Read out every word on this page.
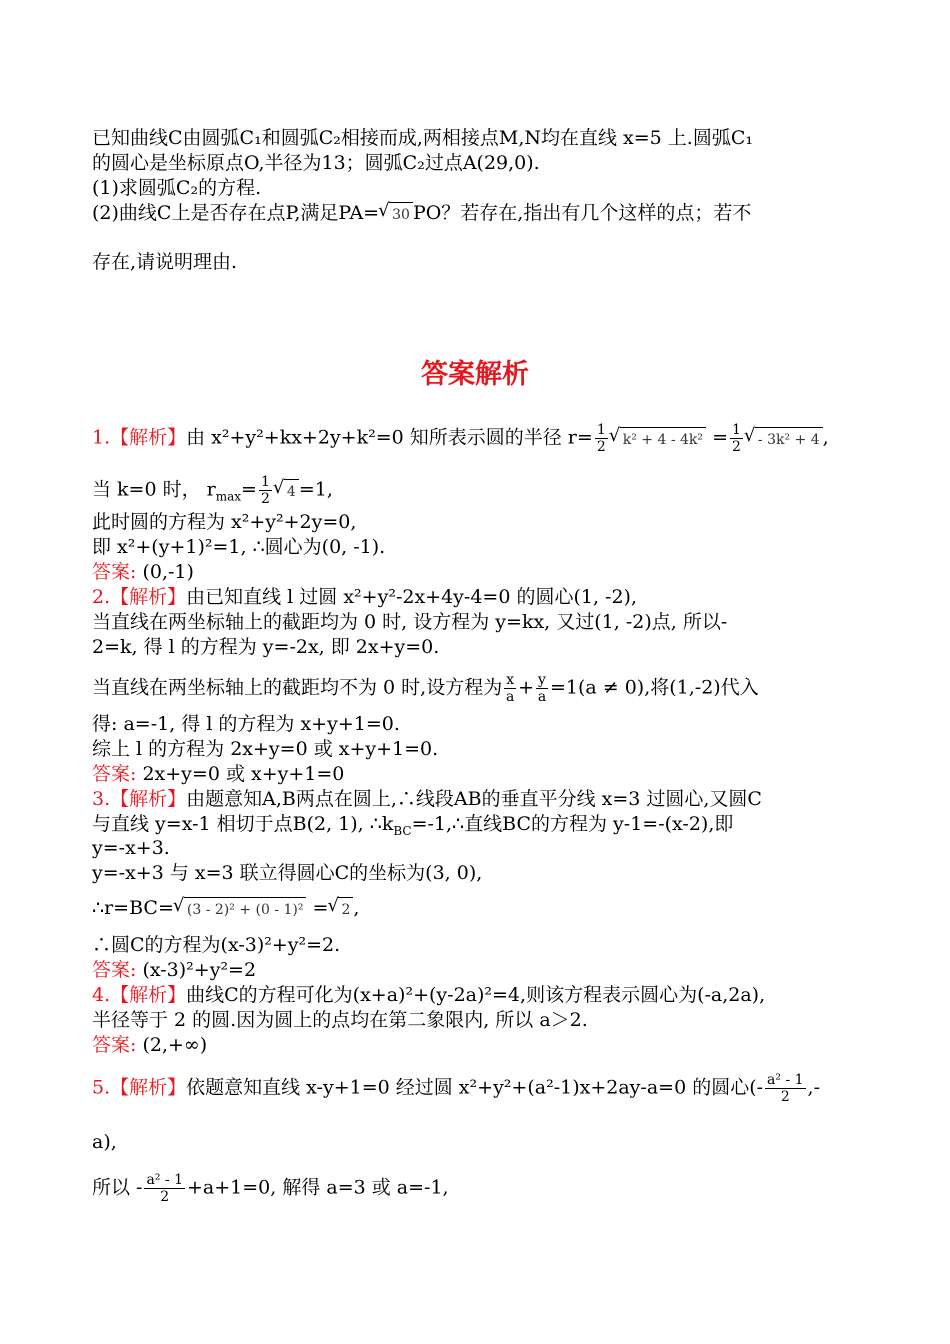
已知曲线C由圆弧C₁和圆弧C₂相接而成,两相接点M,N均在直线 x=5 上.圆弧C₁
的圆心是坐标原点O,半径为13；圆弧C₂过点A(29,0).
(1)求圆弧C₂的方程.
(2)曲线C上是否存在点P,满足PA= √ 30 PO？若存在,指出有几个这样的点；若不
存在,请说明理由.
答案解析
1.【解析】由 x²+y²+kx+2y+k²=0 知所表示圆的半径 $r= \frac{1}{2}$ √ $k^2 + 4 - 4k^2 = \frac{1}{2}$ √ - 3k² + 4 ,
当 k=0 时， $r_{max}= \frac{1}{2}$ √ 4 =1,
此时圆的方程为 x²+y²+2y=0,
即 x²+(y+1)²=1, ∴圆心为(0, -1).
答案: (0,-1)
2.【解析】由已知直线 l 过圆 x²+y²-2x+4y-4=0 的圆心(1, -2),
当直线在两坐标轴上的截距均为 0 时, 设方程为 y=kx, 又过(1, -2)点, 所以-
2=k, 得 l 的方程为 y=-2x, 即 2x+y=0.
当直线在两坐标轴上的截距均不为 0 时,设方程为 $\frac{x}{a} + \frac{y}{a} =1(a \ne 0)$,将(1,-2)代入
得: a=-1, 得 l 的方程为 x+y+1=0.
综上 l 的方程为 2x+y=0 或 x+y+1=0.
答案: 2x+y=0 或 x+y+1=0
3.【解析】由题意知A,B两点在圆上,∴线段AB的垂直平分线 x=3 过圆心,又圆C
与直线 y=x-1 相切于点B(2, 1), $\therefore k_{BC}=-1,\therefore$直线BC的方程为 y-1=-(x-2),即
y=-x+3.
y=-x+3 与 x=3 联立得圆心C的坐标为(3, 0),
∴r=BC= √ (3 - 2)² + (0 - 1)² = √ 2 ,
∴圆C的方程为(x-3)²+y²=2.
答案: (x-3)²+y²=2
4.【解析】曲线C的方程可化为(x+a)²+(y-2a)²=4,则该方程表示圆心为(-a,2a),
半径等于 2 的圆.因为圆上的点均在第二象限内, 所以 a＞2.
答案: (2,+∞)
5.【解析】依题意知直线 x-y+1=0 经过圆 x²+y²+(a²-1)x+2ay-a=0 的圆心(- $\frac{\text{a² - 1}}{2}$ ,-
a),
所以 - $\frac{\text{a² - 1}}{2} +a+1=0$, 解得 a=3 或 a=-1,
